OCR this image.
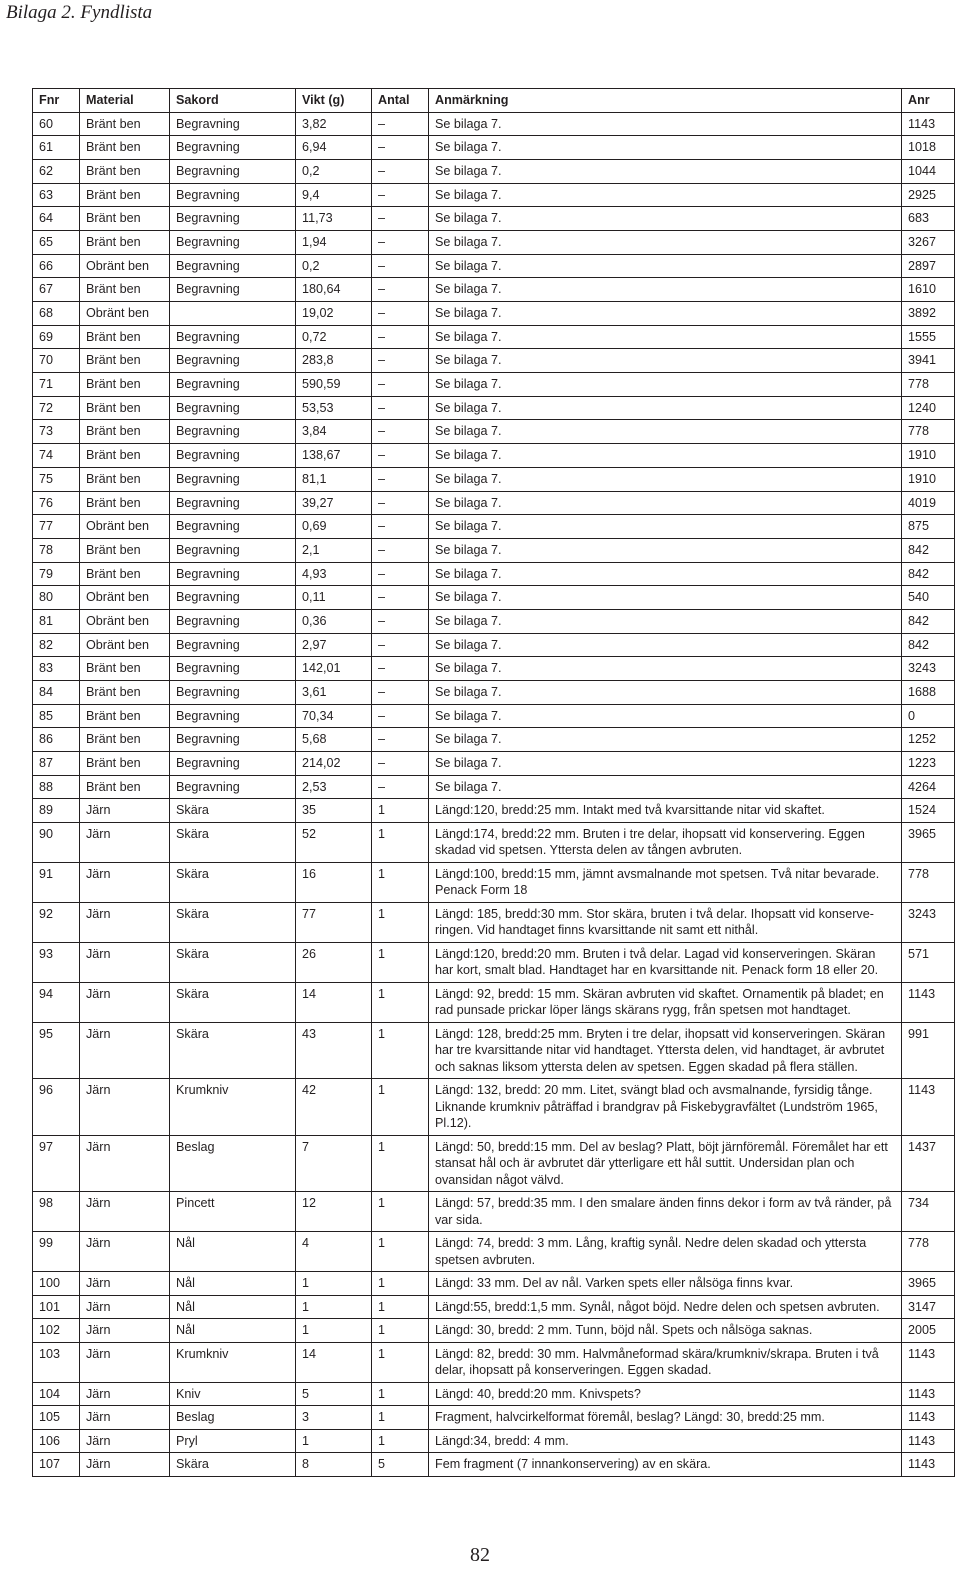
Bilaga 2. Fyndlista
Fnr	Material	Sakord	Vikt (g)	Antal	Anmärkning	Anr
60	Bränt ben	Begravning	3,82	–	Se bilaga 7.	1143
61	Bränt ben	Begravning	6,94	–	Se bilaga 7.	1018
62	Bränt ben	Begravning	0,2	–	Se bilaga 7.	1044
63	Bränt ben	Begravning	9,4	–	Se bilaga 7.	2925
64	Bränt ben	Begravning	11,73	–	Se bilaga 7.	683
65	Bränt ben	Begravning	1,94	–	Se bilaga 7.	3267
66	Obränt ben	Begravning	0,2	–	Se bilaga 7.	2897
67	Bränt ben	Begravning	180,64	–	Se bilaga 7.	1610
68	Obränt ben		19,02	–	Se bilaga 7.	3892
69	Bränt ben	Begravning	0,72	–	Se bilaga 7.	1555
70	Bränt ben	Begravning	283,8	–	Se bilaga 7.	3941
71	Bränt ben	Begravning	590,59	–	Se bilaga 7.	778
72	Bränt ben	Begravning	53,53	–	Se bilaga 7.	1240
73	Bränt ben	Begravning	3,84	–	Se bilaga 7.	778
74	Bränt ben	Begravning	138,67	–	Se bilaga 7.	1910
75	Bränt ben	Begravning	81,1	–	Se bilaga 7.	1910
76	Bränt ben	Begravning	39,27	–	Se bilaga 7.	4019
77	Obränt ben	Begravning	0,69	–	Se bilaga 7.	875
78	Bränt ben	Begravning	2,1	–	Se bilaga 7.	842
79	Bränt ben	Begravning	4,93	–	Se bilaga 7.	842
80	Obränt ben	Begravning	0,11	–	Se bilaga 7.	540
81	Obränt ben	Begravning	0,36	–	Se bilaga 7.	842
82	Obränt ben	Begravning	2,97	–	Se bilaga 7.	842
83	Bränt ben	Begravning	142,01	–	Se bilaga 7.	3243
84	Bränt ben	Begravning	3,61	–	Se bilaga 7.	1688
85	Bränt ben	Begravning	70,34	–	Se bilaga 7.	0
86	Bränt ben	Begravning	5,68	–	Se bilaga 7.	1252
87	Bränt ben	Begravning	214,02	–	Se bilaga 7.	1223
88	Bränt ben	Begravning	2,53	–	Se bilaga 7.	4264
89	Järn	Skära	35	1	Längd:120, bredd:25 mm. Intakt med två kvarsittande nitar vid skaftet.	1524
90	Järn	Skära	52	1	Längd:174, bredd:22 mm. Bruten i tre delar, ihopsatt vid konservering. Eggen skadad vid spetsen. Yttersta delen av tången avbruten.	3965
91	Järn	Skära	16	1	Längd:100, bredd:15 mm, jämnt avsmalnande mot spetsen. Två nitar bevarade. Penack Form 18	778
92	Järn	Skära	77	1	Längd: 185, bredd:30 mm. Stor skära, bruten i två delar. Ihopsatt vid konserve-ringen. Vid handtaget finns kvarsittande nit samt ett nithål.	3243
93	Järn	Skära	26	1	Längd:120, bredd:20 mm. Bruten i två delar. Lagad vid konserveringen. Skäran har kort, smalt blad. Handtaget har en kvarsittande nit. Penack form 18 eller 20.	571
94	Järn	Skära	14	1	Längd: 92, bredd: 15 mm. Skäran avbruten vid skaftet. Ornamentik på bladet; en rad punsade prickar löper längs skärans rygg, från spetsen mot handtaget.	1143
95	Järn	Skära	43	1	Längd: 128, bredd:25 mm. Bryten i tre delar, ihopsatt vid konserveringen. Skäran har tre kvarsittande nitar vid handtaget. Yttersta delen, vid handtaget, är avbrutet och saknas liksom yttersta delen av spetsen. Eggen skadad på flera ställen.	991
96	Järn	Krumkniv	42	1	Längd: 132, bredd: 20 mm. Litet, svängt blad och avsmalnande, fyrsidig tånge. Liknande krumkniv påträffad i brandgrav på Fiskebygravfältet (Lundström 1965, Pl.12).	1143
97	Järn	Beslag	7	1	Längd: 50, bredd:15 mm. Del av beslag? Platt, böjt järnföremål. Föremålet har ett stansat hål och är avbrutet där ytterligare ett hål suttit. Undersidan plan och ovansidan något välvd.	1437
98	Järn	Pincett	12	1	Längd: 57, bredd:35 mm. I den smalare änden finns dekor i form av två ränder, på var sida.	734
99	Järn	Nål	4	1	Längd: 74, bredd: 3 mm. Lång, kraftig synål. Nedre delen skadad och yttersta spetsen avbruten.	778
100	Järn	Nål	1	1	Längd: 33 mm. Del av nål. Varken spets eller nålsöga finns kvar.	3965
101	Järn	Nål	1	1	Längd:55, bredd:1,5 mm. Synål, något böjd. Nedre delen och spetsen avbruten.	3147
102	Järn	Nål	1	1	Längd: 30, bredd: 2 mm. Tunn, böjd nål. Spets och nålsöga saknas.	2005
103	Järn	Krumkniv	14	1	Längd: 82, bredd: 30 mm. Halvmåneformad skära/krumkniv/skrapa. Bruten i två delar, ihopsatt på konserveringen. Eggen skadad.	1143
104	Järn	Kniv	5	1	Längd: 40, bredd:20 mm. Knivspets?	1143
105	Järn	Beslag	3	1	Fragment, halvcirkelformat föremål, beslag? Längd: 30, bredd:25 mm.	1143
106	Järn	Pryl	1	1	Längd:34, bredd: 4 mm.	1143
107	Järn	Skära	8	5	Fem fragment (7 innankonservering) av en skära.	1143
82
